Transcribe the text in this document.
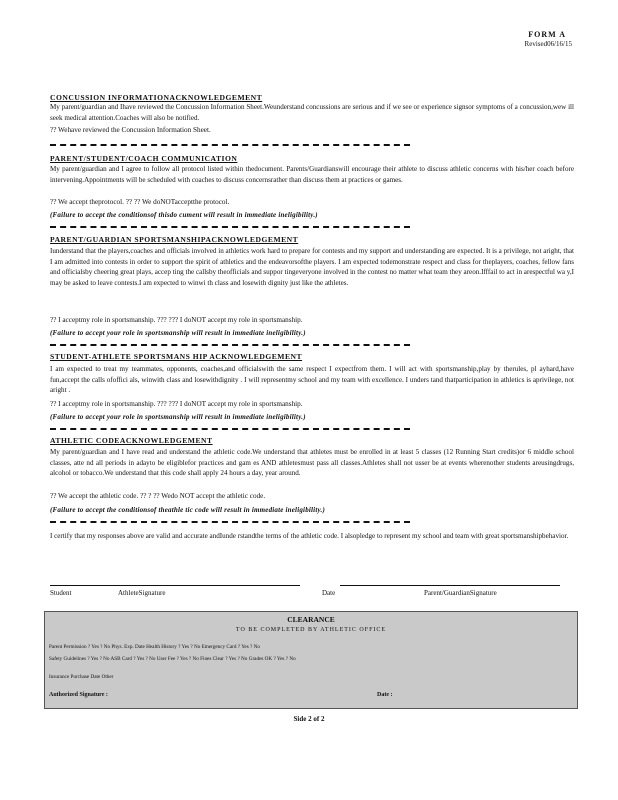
FORM A
Revised06/16/15
CONCUSSION INFORMATIONACKNOWLEDGEMENT
My parent/guardian and Ihave reviewed the Concussion Information Sheet.Weunderstand concussions are serious and if we see or experience signsor symptoms of a concussion,wew ill seek medical attention.Coaches will also be notified.
?? Wehave reviewed the Concussion Information Sheet.
PARENT/STUDENT/COACH COMMUNICATION
My parent/guardian and I agree to follow all protocol listed within thedocument. Parents/Guardianswill encourage their athlete to discuss athletic concerns with his/her coach before intervening.Appointments will be scheduled with coaches to discuss concernsrather than discuss them at practices or games.
?? We accept theprotocol. ?? ?? We doNOTacceptthe protocol.
(Failure to accept the conditionsof thisdo cument will result in immediate ineligibility.)
PARENT/GUARDIAN SPORTSMANSHIPACKNOWLEDGEMENT
Iunderstand that the players,coaches and officials involved in athletics work hard to prepare for contests and my support and understanding are expected. It is a privilege, not aright, that I am admitted into contests in order to support the spirit of athletics and the endeavorsofthe players. I am expected todemonstrate respect and class for theplayers, coaches, fellow fans and officialsby cheering great plays, accep ting the callsby theofficials and suppor tingeveryone involved in the contest no matter what team they areon.Ifffail to act in arespectful wa y,I may be asked to leave contests.I am expected to winwi th class and losewith dignity just like the athletes.
?? I acceptmy role in sportsmanship. ??? ??? I doNOT accept my role in sportsmanship.
(Failure to accept your role in sportsmanship will result in immediate ineligibility.)
STUDENT-ATHLETE SPORTSMANS HIP ACKNOWLEDGEMENT
I am expected to treat my teammates, opponents, coaches,and officialswith the same respect I expectfrom them. I will act with sportsmanship,play by therules, pl ayhard,have fun,accept the calls ofoffici als, winwith class and losewithdignity . I will representmy school and my team with excellence. I unders tand thatparticipation in athletics is aprivilege, not aright .
?? I acceptmy role in sportsmanship. ??? ??? I doNOT accept my role in sportsmanship.
(Failure to accept your role in sportsmanship will result in immediate ineligibility.)
ATHLETIC CODEACKNOWLEDGEMENT
My parent/guardian and I have read and understand the athletic code.We understand that athletes must be enrolled in at least 5 classes (12 Running Start credits)or 6 middle school classes, atte nd all periods in adayto be eligiblefor practices and gam es AND athletesmust pass all classes.Athletes shall not usser be at events wherenother students areusingdrugs, alcohol or tobacco.We understand that this code shall apply 24 hours a day, year around.
?? We accept the athletic code. ?? ? ?? Wedo NOT accept the athletic code.
(Failure to accept the conditionsof theathle tic code will result in immediate ineligibility.)
I certify that my responses above are valid and accurate andIunde rstandthe terms of the athletic code. I alsopledge to represent my school and team with great sportsmanshipbehavior.
Student	AthleteSignature	Date	Parent/GuardianSignature
CLEARANCE
TO BE COMPLETED BY ATHLETIC OFFICE
Parent Permission ? Yes ? No Phys. Exp. Date Health History ? Yes ? No Emergency Card ? Yes ? No
Safety Guidelines ? Yes ? No ASB Card ? Yes ? No User Fee ? Yes ? No Fines Clear ? Yes ? No Grades OK ? Yes ? No
Insurance Purchase Date Other
Authorized Signature :	Date :
Side 2 of 2
